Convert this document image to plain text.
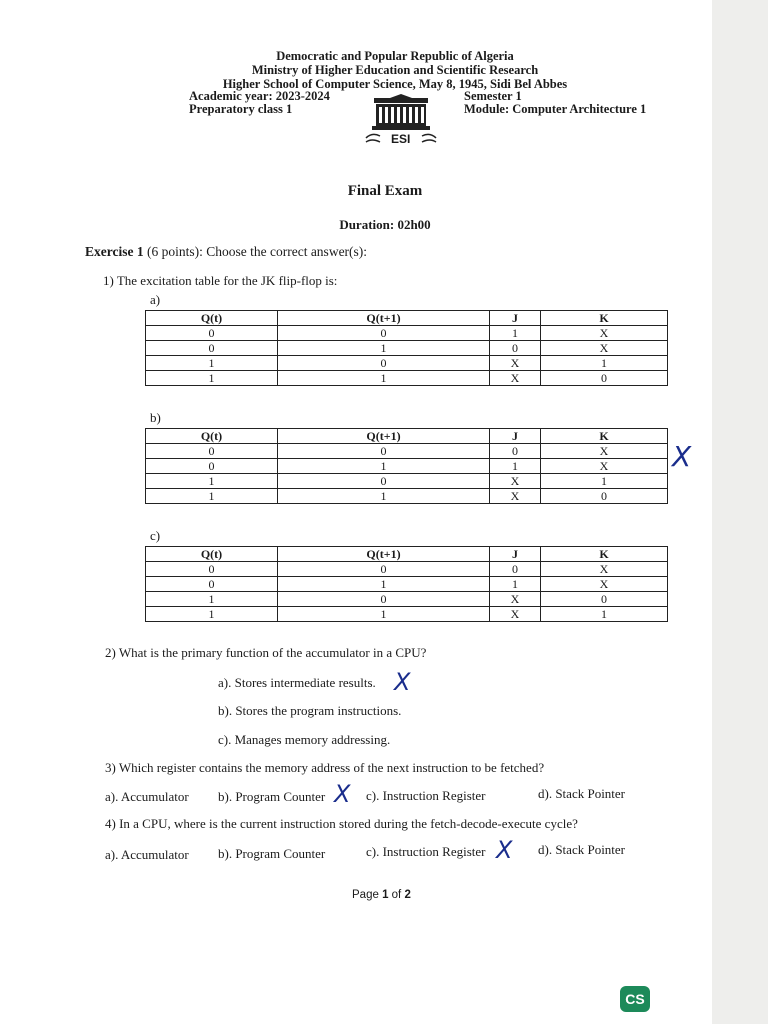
Democratic and Popular Republic of Algeria
Ministry of Higher Education and Scientific Research
Higher School of Computer Science, May 8, 1945, Sidi Bel Abbes
Academic year: 2023-2024
Preparatory class 1
Semester 1
Module: Computer Architecture 1
ESI
Final Exam
Duration: 02h00
Exercise 1 (6 points): Choose the correct answer(s):
1) The excitation table for the JK flip-flop is:
a)
Q(t)	Q(t+1)	J	K
0	0	1	X
0	1	0	X
1	0	X	1
1	1	X	0
b)
Q(t)	Q(t+1)	J	K
0	0	0	X
0	1	1	X
1	0	X	1
1	1	X	0
X
c)
Q(t)	Q(t+1)	J	K
0	0	0	X
0	1	1	X
1	0	X	0
1	1	X	1
2) What is the primary function of the accumulator in a CPU?
a). Stores intermediate results. X
b). Stores the program instructions.
c). Manages memory addressing.
3) Which register contains the memory address of the next instruction to be fetched?
a). Accumulator b). Program Counter X c). Instruction Register	d). Stack Pointer
4) In a CPU, where is the current instruction stored during the fetch-decode-execute cycle?
a). Accumulator b). Program Counter	c). Instruction Register X d). Stack Pointer
Page 1 of 2
CS
